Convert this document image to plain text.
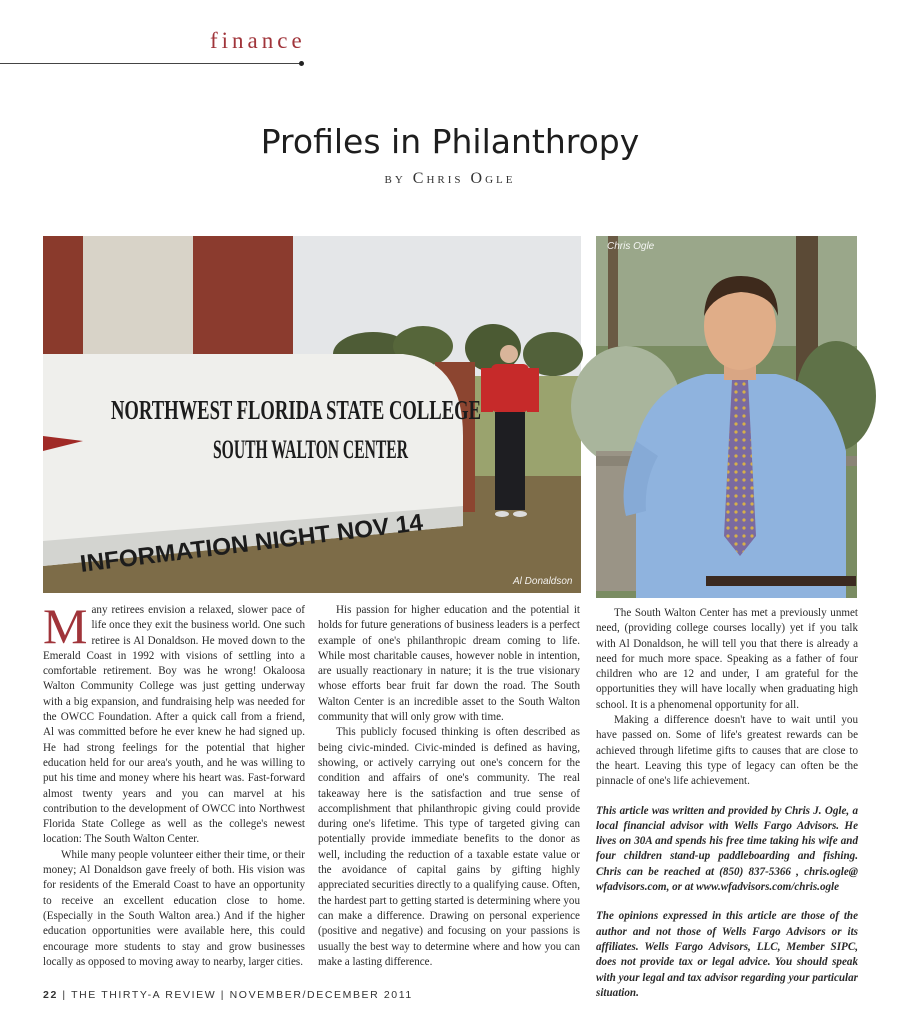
finance
Profiles in Philanthropy
by Chris Ogle
NORTHWEST FLORIDA STATE COLLEGE
SOUTH WALTON CENTER
INFORMATION NIGHT NOV 14
Al Donaldson
Chris Ogle

Many retirees envision a relaxed, slower pace of life once they exit the business world. One such retiree is Al Donaldson. He moved down to the Emerald Coast in 1992 with visions of settling into a comfortable retirement. Boy was he wrong! Okaloosa Walton Community College was just getting underway with a big expansion, and fundraising help was needed for the OWCC Foundation. After a quick call from a friend, Al was committed before he ever knew he had signed up. He had strong feelings for the potential that higher education held for our area's youth, and he was willing to put his time and money where his heart was. Fast-forward almost twenty years and you can marvel at his contribution to the development of OWCC into Northwest Florida State College as well as the college's newest location: The South Walton Center.

While many people volunteer either their time, or their money; Al Donaldson gave freely of both. His vision was for residents of the Emerald Coast to have an opportunity to receive an excellent education close to home. (Especially in the South Walton area.) And if the higher education opportunities were available here, this could encourage more students to stay and grow businesses locally as opposed to moving away to nearby, larger cities.

His passion for higher education and the potential it holds for future generations of business leaders is a perfect example of one's philanthropic dream coming to life. While most charitable causes, however noble in intention, are usually reactionary in nature; it is the true visionary whose efforts bear fruit far down the road. The South Walton Center is an incredible asset to the South Walton community that will only grow with time.

This publicly focused thinking is often described as being civic-minded. Civic-minded is defined as having, showing, or actively carrying out one's concern for the condition and affairs of one's community. The real takeaway here is the satisfaction and true sense of accomplishment that philanthropic giving could provide during one's lifetime. This type of targeted giving can potentially provide immediate benefits to the donor as well, including the reduction of a taxable estate value or the avoidance of capital gains by gifting highly appreciated securities directly to a qualifying cause. Often, the hardest part to getting started is determining where you can make a difference. Drawing on personal experience (positive and negative) and focusing on your passions is usually the best way to determine where and how you can make a lasting difference.

The South Walton Center has met a previously unmet need, (providing college courses locally) yet if you talk with Al Donaldson, he will tell you that there is already a need for much more space. Speaking as a father of four children who are 12 and under, I am grateful for the opportunities they will have locally when graduating high school. It is a phenomenal opportunity for all.

Making a difference doesn't have to wait until you have passed on. Some of life's greatest rewards can be achieved through lifetime gifts to causes that are close to the heart. Leaving this type of legacy can often be the pinnacle of one's life achievement.

This article was written and provided by Chris J. Ogle, a local financial advisor with Wells Fargo Advisors. He lives on 30A and spends his free time taking his wife and four children stand-up paddleboarding and fishing. Chris can be reached at (850) 837-5366 , chris.ogle@ wfadvisors.com, or at www.wfadvisors.com/chris.ogle

The opinions expressed in this article are those of the author and not those of Wells Fargo Advisors or its affiliates. Wells Fargo Advisors, LLC, Member SIPC, does not provide tax or legal advice. You should speak with your legal and tax advisor regarding your particular situation.

22 | THE THIRTY-A REVIEW | NOVEMBER/DECEMBER 2011
